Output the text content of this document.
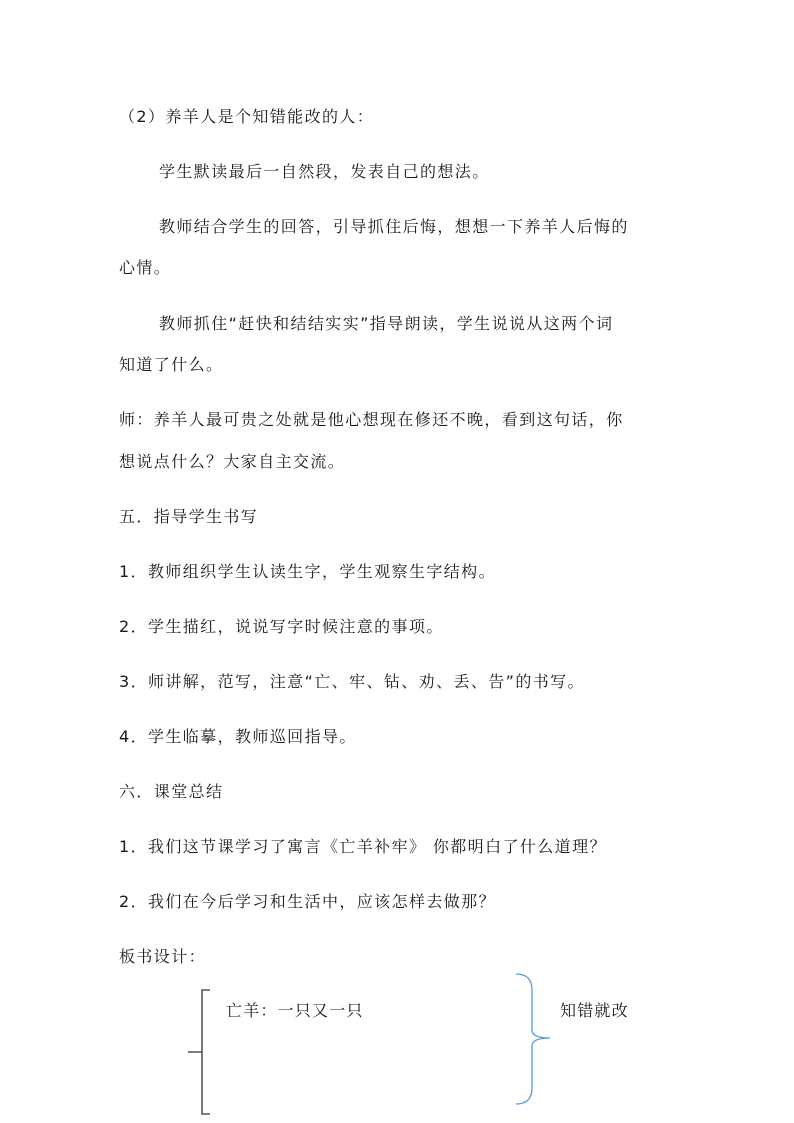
（2）养羊人是个知错能改的人：
学生默读最后一自然段，发表自己的想法。
教师结合学生的回答，引导抓住后悔，想想一下养羊人后悔的
心情。
教师抓住“赶快和结结实实”指导朗读，学生说说从这两个词
知道了什么。
师：养羊人最可贵之处就是他心想现在修还不晚，看到这句话，你
想说点什么？大家自主交流。
五．指导学生书写
1．教师组织学生认读生字，学生观察生字结构。
2．学生描红，说说写字时候注意的事项。
3．师讲解，范写，注意“亡、牢、钻、劝、丢、告”的书写。
4．学生临摹，教师巡回指导。
六．课堂总结
1．我们这节课学习了寓言《亡羊补牢》 你都明白了什么道理？
2．我们在今后学习和生活中，应该怎样去做那？
板书设计：
亡羊：一只又一只	知错就改
